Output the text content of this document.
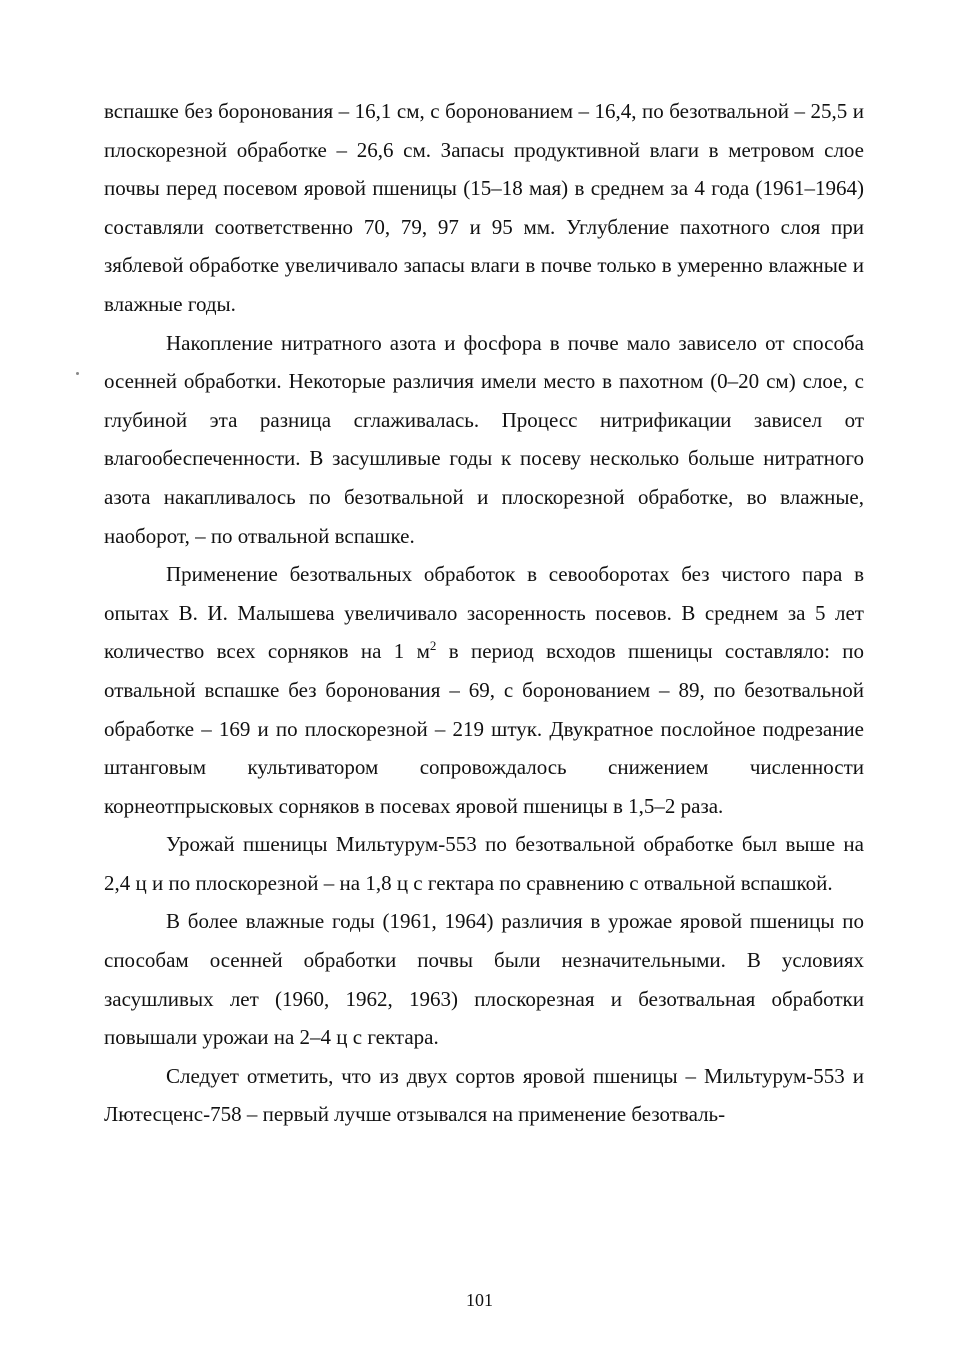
вспашке без боронования – 16,1 см, с боронованием – 16,4, по безотвальной – 25,5 и плоскорезной обработке – 26,6 см. Запасы продуктивной влаги в метровом слое почвы перед посевом яровой пшеницы (15–18 мая) в среднем за 4 года (1961–1964) составляли соответственно 70, 79, 97 и 95 мм. Углубление пахотного слоя при зяблевой обработке увеличивало запасы влаги в почве только в умеренно влажные и влажные годы.

Накопление нитратного азота и фосфора в почве мало зависело от способа осенней обработки. Некоторые различия имели место в пахотном (0–20 см) слое, с глубиной эта разница сглаживалась. Процесс нитрификации зависел от влагообеспеченности. В засушливые годы к посеву несколько больше нитратного азота накапливалось по безотвальной и плоскорезной обработке, во влажные, наоборот, – по отвальной вспашке.

Применение безотвальных обработок в севооборотах без чистого пара в опытах В. И. Малышева увеличивало засоренность посевов. В среднем за 5 лет количество всех сорняков на 1 $м^2$ в период всходов пшеницы составляло: по отвальной вспашке без боронования – 69, с боронованием – 89, по безотвальной обработке – 169 и по плоскорезной – 219 штук. Двукратное послойное подрезание штанговым культиватором сопровождалось снижением численности корнеотпрысковых сорняков в посевах яровой пшеницы в 1,5–2 раза.

Урожай пшеницы Мильтурум-553 по безотвальной обработке был выше на 2,4 ц и по плоскорезной – на 1,8 ц с гектара по сравнению с отвальной вспашкой.

В более влажные годы (1961, 1964) различия в урожае яровой пшеницы по способам осенней обработки почвы были незначительными. В условиях засушливых лет (1960, 1962, 1963) плоскорезная и безотвальная обработки повышали урожаи на 2–4 ц с гектара.

Следует отметить, что из двух сортов яровой пшеницы – Мильтурум-553 и Лютесценс-758 – первый лучше отзывался на применение безотваль-

101
